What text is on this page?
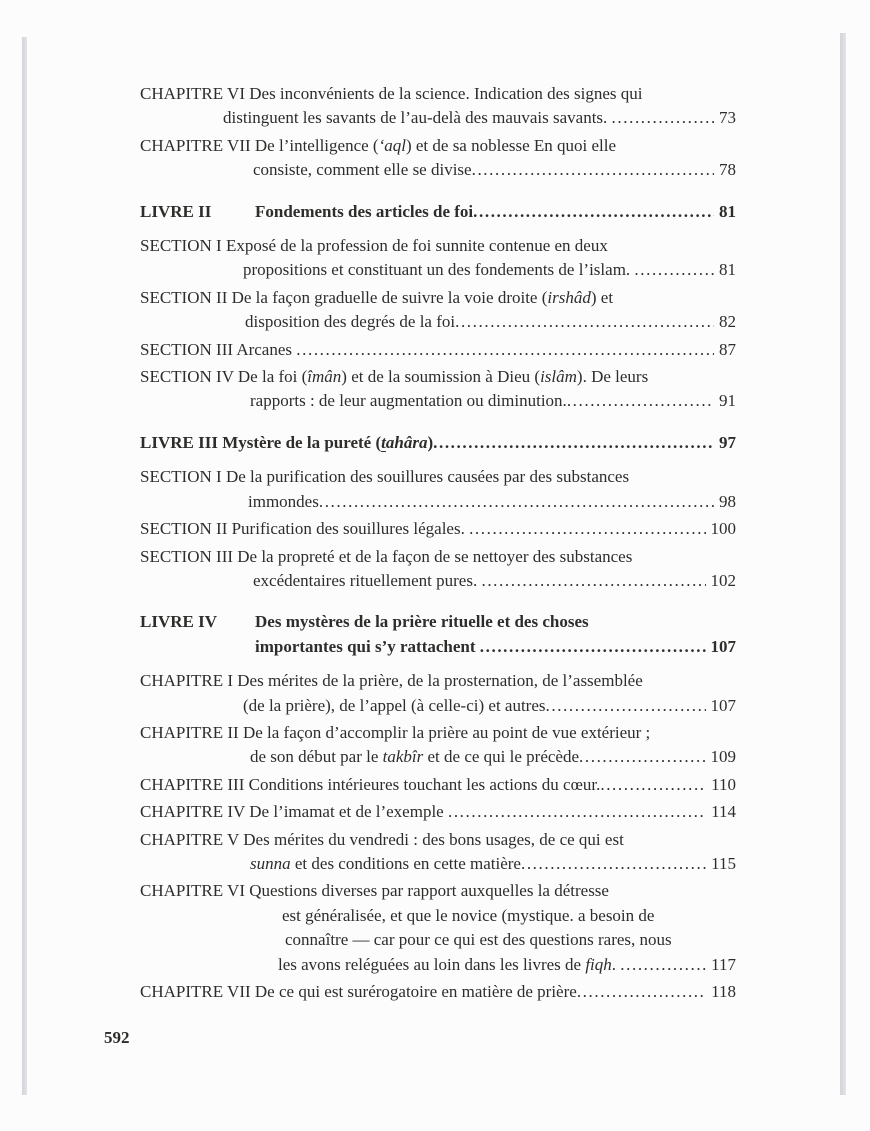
CHAPITRE VI Des inconvénients de la science. Indication des signes qui
distinguent les savants de l’au-delà des mauvais savants. .....	73
CHAPITRE VII De l’intelligence (‘aql) et de sa noblesse En quoi elle
consiste, comment elle se divise .....	78
LIVRE II	Fondements des articles de foi .....	81
SECTION I Exposé de la profession de foi sunnite contenue en deux
propositions et constituant un des fondements de l’islam. .....	81
SECTION II De la façon graduelle de suivre la voie droite (irshâd) et
disposition des degrés de la foi .....	82
SECTION III Arcanes .....	87
SECTION IV De la foi (îmân) et de la soumission à Dieu (islâm). De leurs
rapports : de leur augmentation ou diminution. .....	91
LIVRE III Mystère de la pureté (tahâra) .....	97
SECTION I De la purification des souillures causées par des substances
immondes .....	98
SECTION II Purification des souillures légales. .....	100
SECTION III De la propreté et de la façon de se nettoyer des substances
excédentaires rituellement pures. .....	102
LIVRE IV Des mystères de la prière rituelle et des choses
importantes qui s’y rattachent .....	107
CHAPITRE I Des mérites de la prière, de la prosternation, de l’assemblée
(de la prière), de l’appel (à celle-ci) et autres .....	107
CHAPITRE II De la façon d’accomplir la prière au point de vue extérieur ;
de son début par le takbîr et de ce qui le précède .....	109
CHAPITRE III Conditions intérieures touchant les actions du cœur. .....	110
CHAPITRE IV De l’imamat et de l’exemple .....	114
CHAPITRE V Des mérites du vendredi : des bons usages, de ce qui est
sunna et des conditions en cette matière .....	115
CHAPITRE VI Questions diverses par rapport auxquelles la détresse
est généralisée, et que le novice (mystique. a besoin de
connaître — car pour ce qui est des questions rares, nous
les avons reléguées au loin dans les livres de fiqh. .....	117
CHAPITRE VII De ce qui est surérogatoire en matière de prière .....	118
592
